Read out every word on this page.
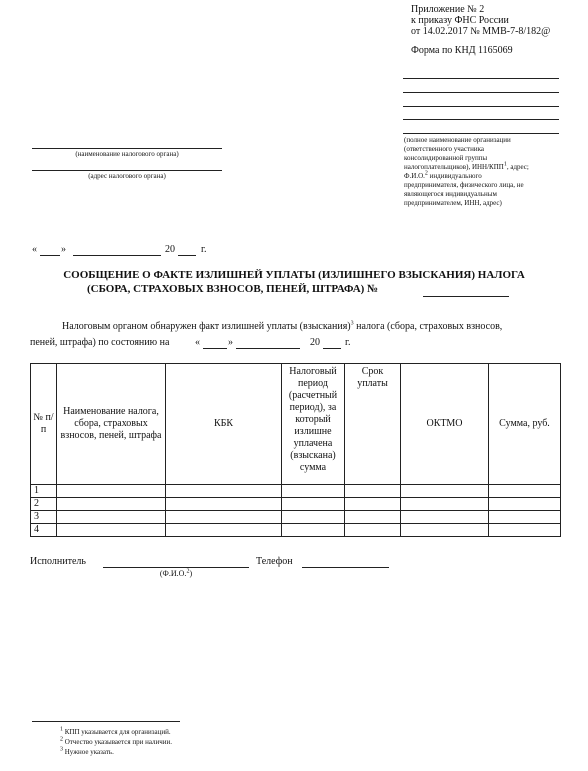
Приложение № 2
к приказу ФНС России
от 14.02.2017 № ММВ-7-8/182@
Форма по КНД 1165069
(полное наименование организации
(ответственного участника
консолидированной группы
налогоплательщиков), ИНН/КПП$^1$, адрес;
Ф.И.О.$^2$ индивидуального
предпринимателя, физического лица, не
являющегося индивидуальным
предпринимателем, ИНН, адрес)
(наименование налогового органа)
(адрес налогового органа)
« »	20	г.
СООБЩЕНИЕ О ФАКТЕ ИЗЛИШНЕЙ УПЛАТЫ (ИЗЛИШНЕГО ВЗЫСКАНИЯ) НАЛОГА
(СБОРА, СТРАХОВЫХ ВЗНОСОВ, ПЕНЕЙ, ШТРАФА) №
Налоговым органом обнаружен факт излишней уплаты (взыскания)$^3$ налога (сбора, страховых взносов,
пеней, штрафа) по состоянию на	«	»	20	г.
№ п/п	Наименование налога, сбора, страховых взносов, пеней, штрафа	КБК	Налоговый период (расчетный период), за который излишне уплачена (взыскана) сумма	Срок уплаты	ОКТМО	Сумма, руб.
1						
2						
3						
4						
Исполнитель
(Ф.И.О.$^2$)
Телефон
$^1$ КПП указывается для организаций.
$^2$ Отчество указывается при наличии.
$^3$ Нужное указать.
